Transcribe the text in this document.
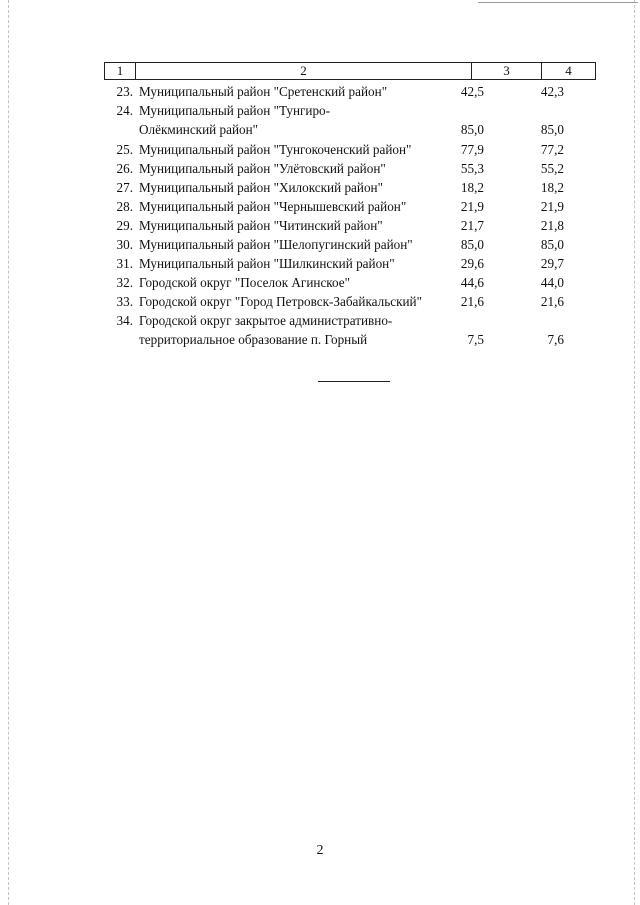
1	2	3	4
23. Муниципальный район "Сретенский район"	42,5	42,3
24. Муниципальный район "Тунгиро-Олёкминский район"	85,0	85,0
25. Муниципальный район "Тунгокоченский район"	77,9	77,2
26. Муниципальный район "Улётовский район"	55,3	55,2
27. Муниципальный район "Хилокский район"	18,2	18,2
28. Муниципальный район "Чернышевский район"	21,9	21,9
29. Муниципальный район "Читинский район"	21,7	21,8
30. Муниципальный район "Шелопугинский район"	85,0	85,0
31. Муниципальный район "Шилкинский район"	29,6	29,7
32. Городской округ "Поселок Агинское"	44,6	44,0
33. Городской округ "Город Петровск-Забайкальский"	21,6	21,6
34. Городской округ закрытое административно-территориальное образование п. Горный	7,5	7,6
2
